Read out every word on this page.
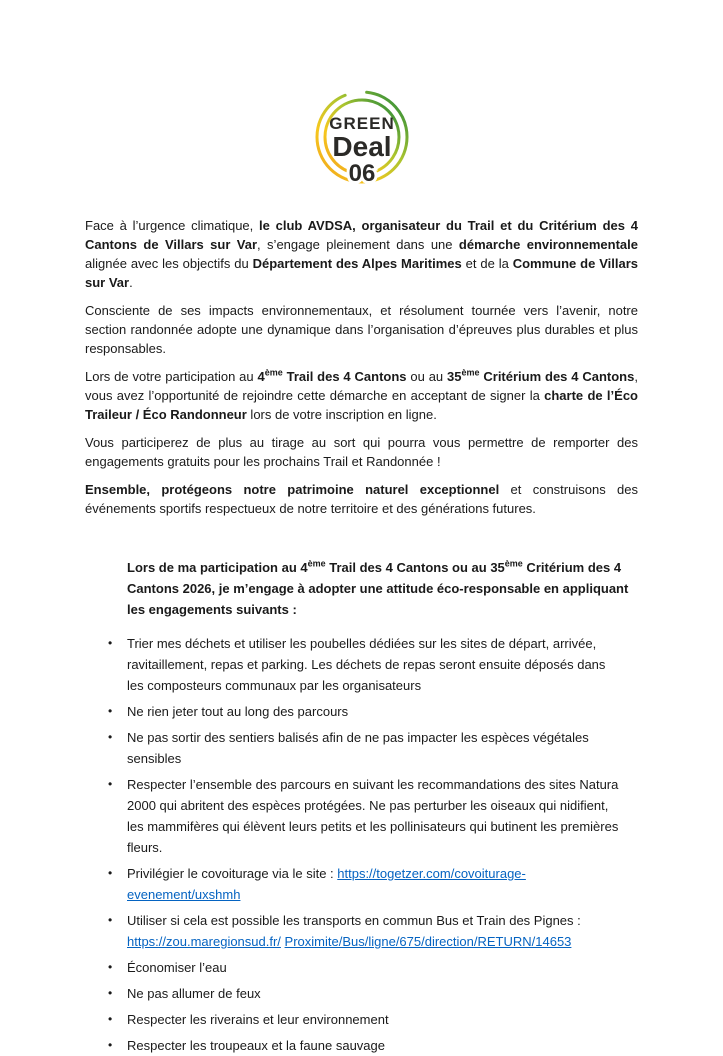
GREEN
Deal
06

Face à l’urgence climatique, le club AVDSA, organisateur du Trail et du Critérium des 4 Cantons de Villars sur Var, s’engage pleinement dans une démarche environnementale alignée avec les objectifs du Département des Alpes Maritimes et de la Commune de Villars sur Var.

Consciente de ses impacts environnementaux, et résolument tournée vers l’avenir, notre section randonnée adopte une dynamique dans l’organisation d’épreuves plus durables et plus responsables.

Lors de votre participation au 4ème Trail des 4 Cantons ou au 35ème Critérium des 4 Cantons, vous avez l’opportunité de rejoindre cette démarche en acceptant de signer la charte de l’Éco Traileur / Éco Randonneur lors de votre inscription en ligne.

Vous participerez de plus au tirage au sort qui pourra vous permettre de remporter des engagements gratuits pour les prochains Trail et Randonnée !

Ensemble, protégeons notre patrimoine naturel exceptionnel et construisons des événements sportifs respectueux de notre territoire et des générations futures.

Lors de ma participation au 4ème Trail des 4 Cantons ou au 35ème Critérium des 4 Cantons 2026, je m’engage à adopter une attitude éco-responsable en appliquant les engagements suivants :
•	Trier mes déchets et utiliser les poubelles dédiées sur les sites de départ, arrivée, ravitaillement, repas et parking. Les déchets de repas seront ensuite déposés dans les composteurs communaux par les organisateurs
•	Ne rien jeter tout au long des parcours
•	Ne pas sortir des sentiers balisés afin de ne pas impacter les espèces végétales sensibles
•	Respecter l’ensemble des parcours en suivant les recommandations des sites Natura 2000 qui abritent des espèces protégées. Ne pas perturber les oiseaux qui nidifient, les mammifères qui élèvent leurs petits et les pollinisateurs qui butinent les premières fleurs.
•	Privilégier le covoiturage via le site : https://togetzer.com/covoiturage-evenement/uxshmh
•	Utiliser si cela est possible les transports en commun Bus et Train des Pignes : https://zou.maregionsud.fr/ Proximite/Bus/ligne/675/direction/RETURN/14653
•	Économiser l’eau
•	Ne pas allumer de feux
•	Respecter les riverains et leur environnement
•	Respecter les troupeaux et la faune sauvage
